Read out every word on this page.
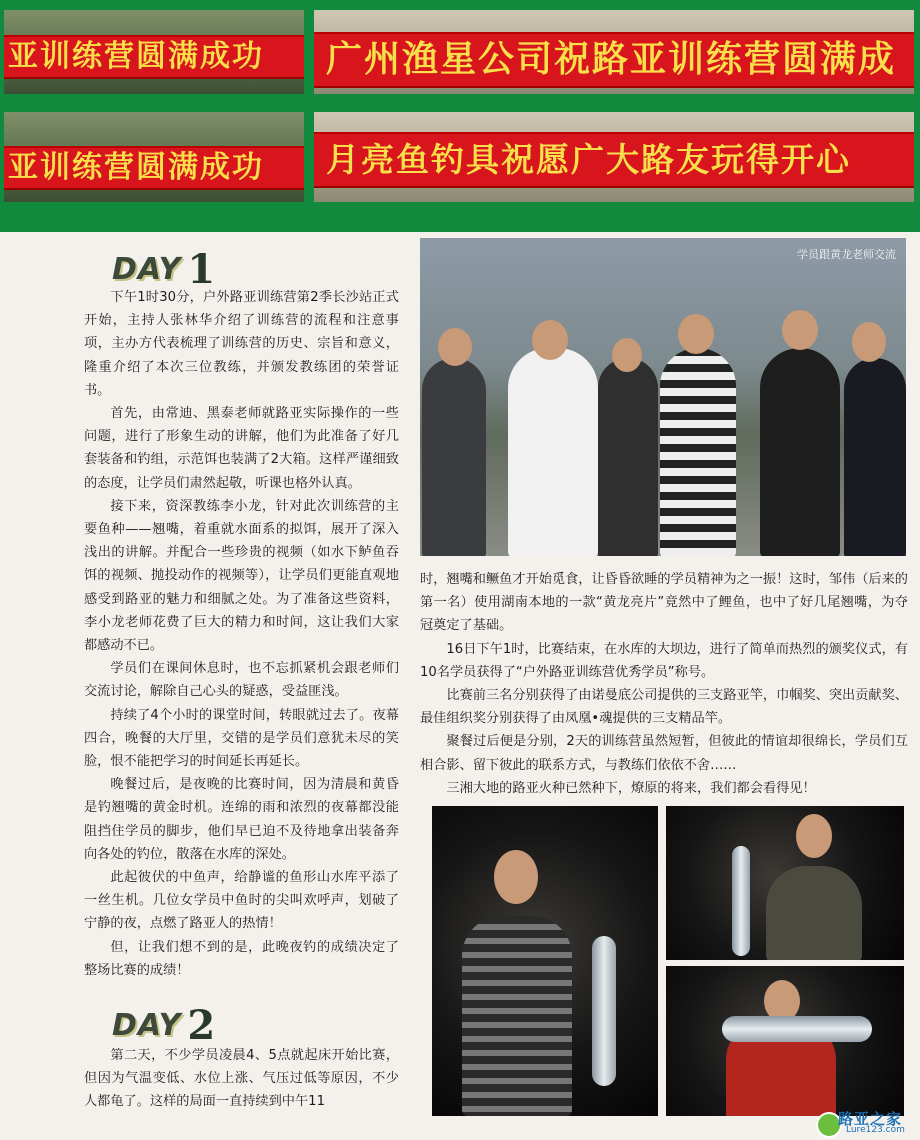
亚训练营圆满成功	广州渔星公司祝路亚训练营圆满成
亚训练营圆满成功	月亮鱼钓具祝愿广大路友玩得开心
DAY 1

下午1时30分，户外路亚训练营第2季长沙站正式开始，主持人张林华介绍了训练营的流程和注意事项，主办方代表梳理了训练营的历史、宗旨和意义，隆重介绍了本次三位教练，并颁发教练团的荣誉证书。

首先，由常迪、黑泰老师就路亚实际操作的一些问题，进行了形象生动的讲解，他们为此准备了好几套装备和钓组，示范饵也装满了2大箱。这样严谨细致的态度，让学员们肃然起敬，听课也格外认真。

接下来，资深教练李小龙，针对此次训练营的主要鱼种——翘嘴，着重就水面系的拟饵，展开了深入浅出的讲解。并配合一些珍贵的视频（如水下鲈鱼吞饵的视频、抛投动作的视频等），让学员们更能直观地感受到路亚的魅力和细腻之处。为了准备这些资料，李小龙老师花费了巨大的精力和时间，这让我们大家都感动不已。

学员们在课间休息时，也不忘抓紧机会跟老师们交流讨论，解除自己心头的疑惑，受益匪浅。

持续了4个小时的课堂时间，转眼就过去了。夜幕四合，晚餐的大厅里，交错的是学员们意犹未尽的笑脸，恨不能把学习的时间延长再延长。

晚餐过后，是夜晚的比赛时间，因为清晨和黄昏是钓翘嘴的黄金时机。连绵的雨和浓烈的夜幕都没能阻挡住学员的脚步，他们早已迫不及待地拿出装备奔向各处的钓位，散落在水库的深处。

此起彼伏的中鱼声，给静谧的鱼形山水库平添了一丝生机。几位女学员中鱼时的尖叫欢呼声，划破了宁静的夜，点燃了路亚人的热情！

但，让我们想不到的是，此晚夜钓的成绩决定了整场比赛的成绩！

DAY 2

第二天，不少学员凌晨4、5点就起床开始比赛，但因为气温变低、水位上涨、气压过低等原因，不少人都龟了。这样的局面一直持续到中午11

学员跟黄龙老师交流

时，翘嘴和鳜鱼才开始觅食，让昏昏欲睡的学员精神为之一振！这时，邹伟（后来的第一名）使用湖南本地的一款“黄龙亮片”竟然中了鲤鱼，也中了好几尾翘嘴，为夺冠奠定了基础。

16日下午1时，比赛结束，在水库的大坝边，进行了简单而热烈的颁奖仪式，有10名学员获得了“户外路亚训练营优秀学员”称号。

比赛前三名分别获得了由诺曼底公司提供的三支路亚竿，巾帼奖、突出贡献奖、最佳组织奖分别获得了由凤凰•魂提供的三支精品竿。

聚餐过后便是分别，2天的训练营虽然短暂，但彼此的情谊却很绵长，学员们互相合影、留下彼此的联系方式，与教练们依依不舍……

三湘大地的路亚火种已然种下，燎原的将来，我们都会看得见！

路亚之家
Lure123.com
